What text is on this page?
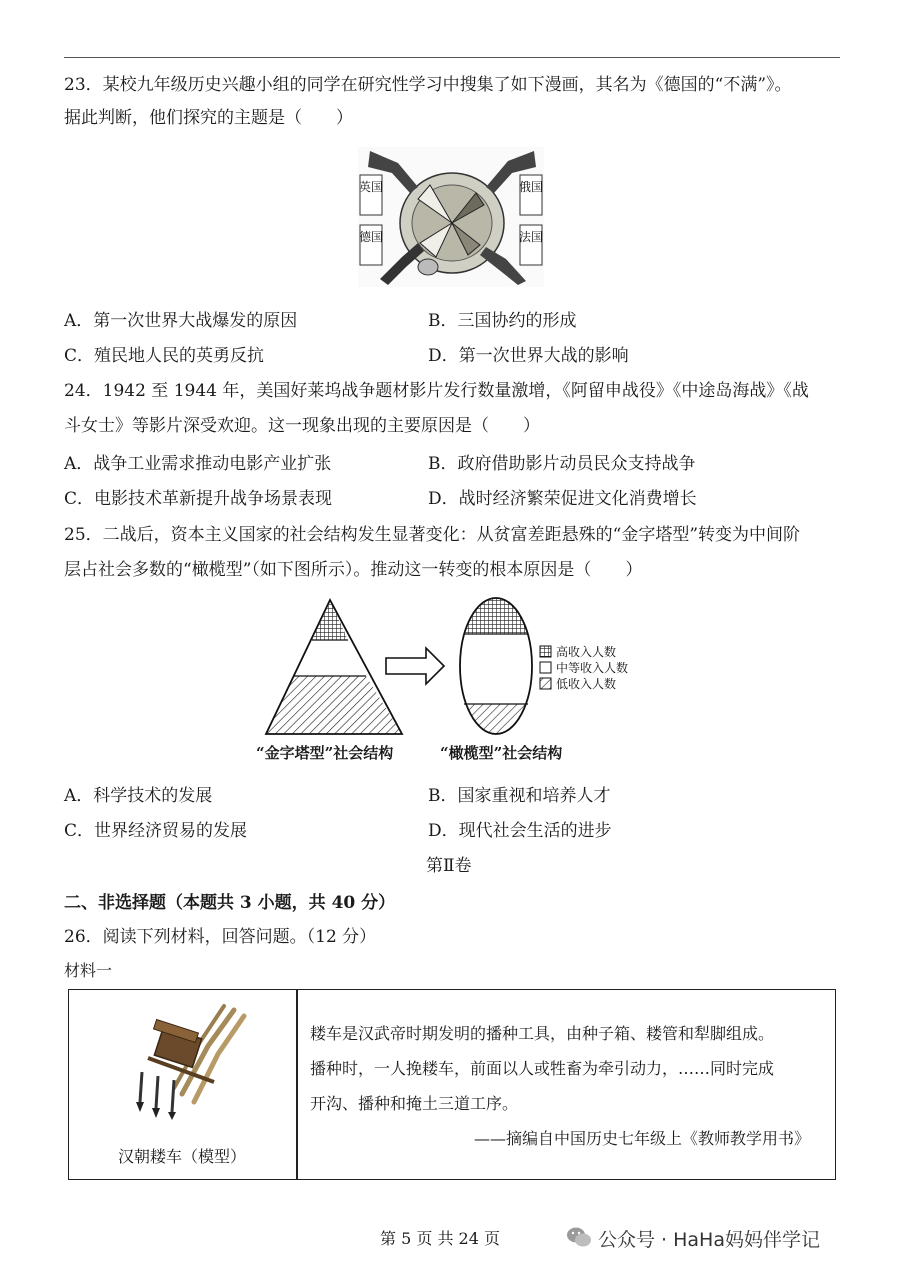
23．某校九年级历史兴趣小组的同学在研究性学习中搜集了如下漫画，其名为《德国的“不满”》。
据此判断，他们探究的主题是（　　）
英国	俄国
德国	法国
A．第一次世界大战爆发的原因	B．三国协约的形成
C．殖民地人民的英勇反抗	D．第一次世界大战的影响
24．1942 至 1944 年，美国好莱坞战争题材影片发行数量激增，《阿留申战役》《中途岛海战》《战
斗女士》等影片深受欢迎。这一现象出现的主要原因是（　　）
A．战争工业需求推动电影产业扩张	B．政府借助影片动员民众支持战争
C．电影技术革新提升战争场景表现	D．战时经济繁荣促进文化消费增长
25．二战后，资本主义国家的社会结构发生显著变化：从贫富差距悬殊的“金字塔型”转变为中间阶
层占社会多数的“橄榄型”（如下图所示）。推动这一转变的根本原因是（　　）
高收入人数
中等收入人数
低收入人数
“金字塔型”社会结构	“橄榄型”社会结构
A．科学技术的发展	B．国家重视和培养人才
C．世界经济贸易的发展	D．现代社会生活的进步
第Ⅱ卷
二、非选择题（本题共 3 小题，共 40 分）
26．阅读下列材料，回答问题。（12 分）
材料一
汉朝耧车（模型）
耧车是汉武帝时期发明的播种工具，由种子箱、耧管和犁脚组成。
播种时，一人挽耧车，前面以人或牲畜为牵引动力，……同时完成
开沟、播种和掩土三道工序。
——摘编自中国历史七年级上《教师教学用书》
第 5 页 共 24 页	公众号 · HaHa妈妈伴学记
